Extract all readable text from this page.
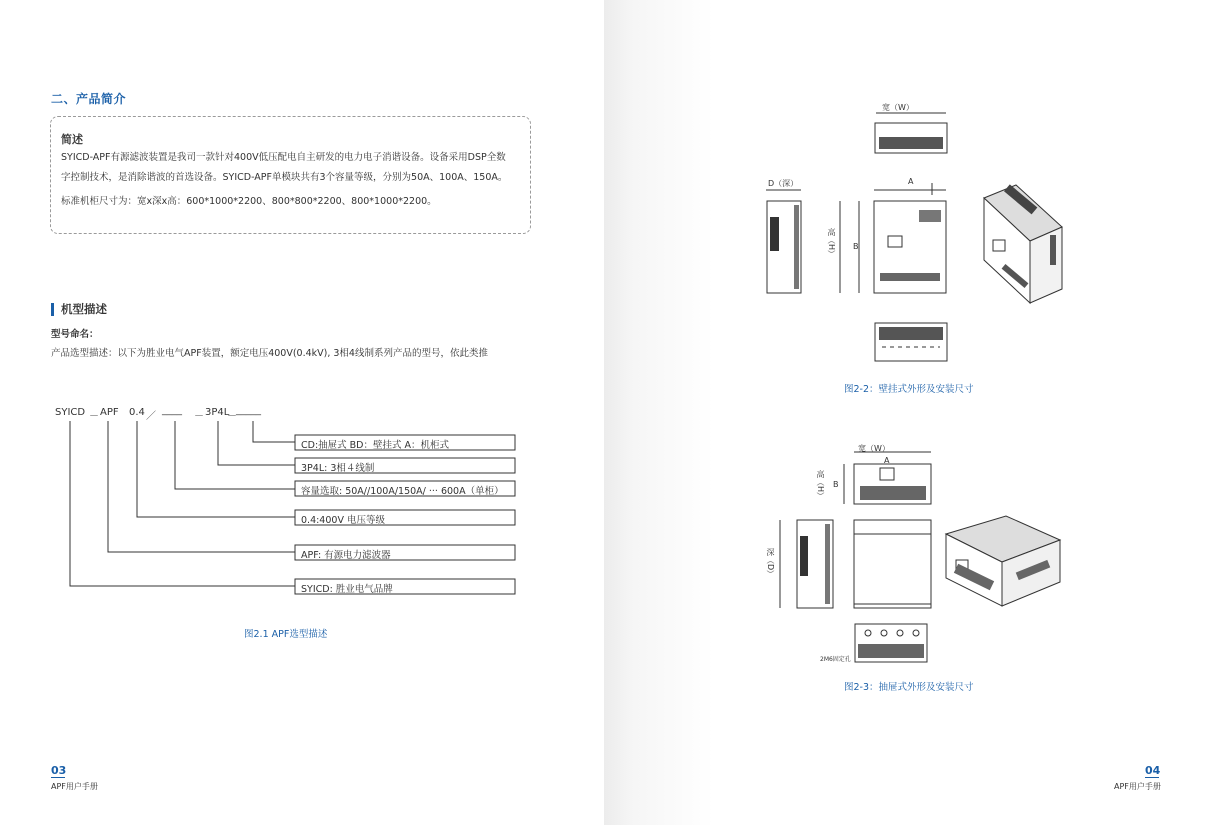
二、产品简介
简述
SYICD-APF有源滤波装置是我司一款针对400V低压配电自主研发的电力电子消谐设备。设备采用DSP全数
字控制技术，是消除谐波的首选设备。SYICD-APF单模块共有3个容量等级，分别为50A、100A、150A。
标准机柜尺寸为：宽x深x高：600*1000*2200、800*800*2200、800*1000*2200。
机型描述
型号命名：
产品选型描述：以下为胜业电气APF装置，额定电压400V(0.4kV), 3相4线制系列产品的型号，依此类推
SYICD － APF 0.4 ／
____
－ 3P4L
－
_____
CD:抽屉式 BD：壁挂式 A：机柜式
3P4L: 3相４线制
容量选取: 50A//100A/150A/ ··· 600A（单柜）
0.4:400V 电压等级
APF: 有源电力滤波器
SYICD: 胜业电气品牌
图2.1 APF选型描述
03
APF用户手册
宽（W）
D（深）	A
高（H） B
图2-2：壁挂式外形及安装尺寸
宽（W）
A
高（H） B
深（D）
2M6固定孔
图2-3：抽屉式外形及安装尺寸
04
APF用户手册
